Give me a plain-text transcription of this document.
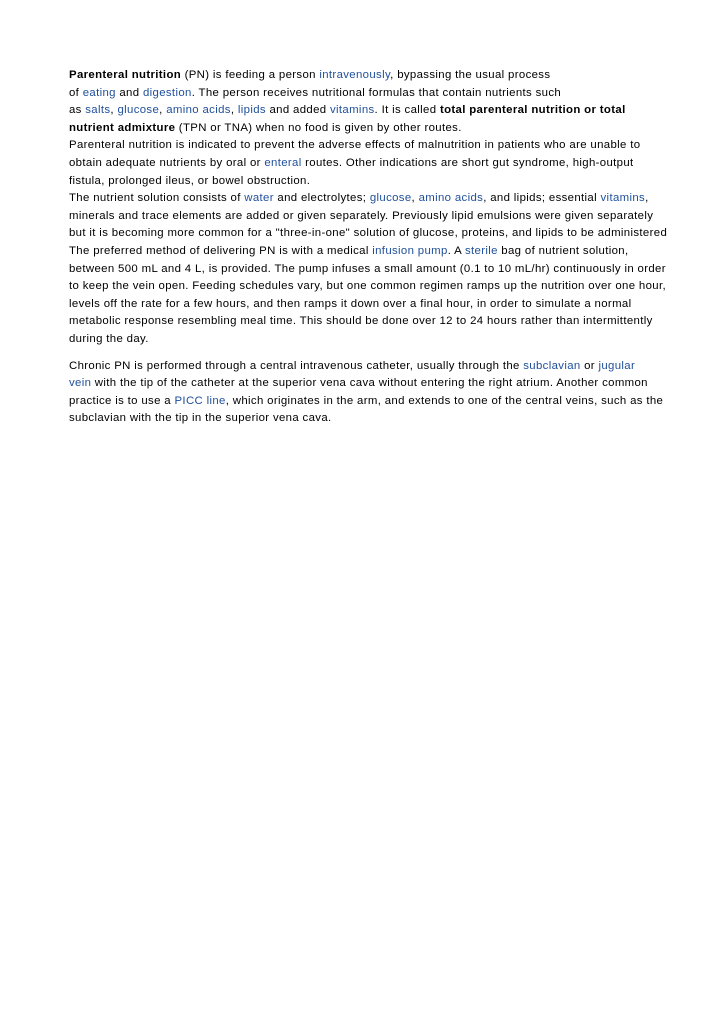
Parenteral nutrition (PN) is feeding a person intravenously, bypassing the usual process
of eating and digestion. The person receives nutritional formulas that contain nutrients such
as salts, glucose, amino acids, lipids and added vitamins. It is called total parenteral nutrition or total
nutrient admixture (TPN or TNA) when no food is given by other routes.

Parenteral nutrition is indicated to prevent the adverse effects of malnutrition in patients who are unable to
obtain adequate nutrients by oral or enteral routes. Other indications are short gut syndrome, high-output
fistula, prolonged ileus, or bowel obstruction.

The nutrient solution consists of water and electrolytes; glucose, amino acids, and lipids; essential vitamins,
minerals and trace elements are added or given separately. Previously lipid emulsions were given separately
but it is becoming more common for a "three-in-one" solution of glucose, proteins, and lipids to be administered

The preferred method of delivering PN is with a medical infusion pump. A sterile bag of nutrient solution,
between 500 mL and 4 L, is provided. The pump infuses a small amount (0.1 to 10 mL/hr) continuously in order
to keep the vein open. Feeding schedules vary, but one common regimen ramps up the nutrition over one hour,
levels off the rate for a few hours, and then ramps it down over a final hour, in order to simulate a normal
metabolic response resembling meal time. This should be done over 12 to 24 hours rather than intermittently
during the day.

Chronic PN is performed through a central intravenous catheter, usually through the subclavian or jugular
vein with the tip of the catheter at the superior vena cava without entering the right atrium. Another common
practice is to use a PICC line, which originates in the arm, and extends to one of the central veins, such as the
subclavian with the tip in the superior vena cava.
